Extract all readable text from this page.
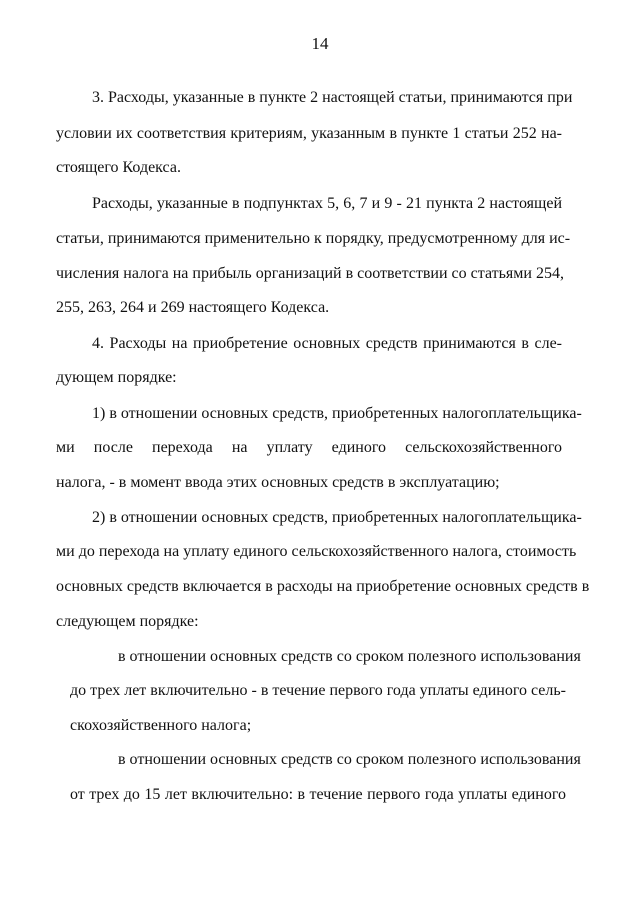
14
3. Расходы, указанные в пункте 2 настоящей статьи, принимаются при
условии их соответствия критериям, указанным в пункте 1 статьи 252 на-
стоящего Кодекса.
Расходы, указанные в подпунктах 5, 6, 7 и 9 - 21 пункта 2 настоящей
статьи, принимаются применительно к порядку, предусмотренному для ис-
числения налога на прибыль организаций в соответствии со статьями 254,
255, 263, 264 и 269 настоящего Кодекса.
4. Расходы на приобретение основных средств принимаются в сле-
дующем порядке:
1) в отношении основных средств, приобретенных налогоплательщика-
ми после перехода на уплату единого сельскохозяйственного
налога, - в момент ввода этих основных средств в эксплуатацию;
2) в отношении основных средств, приобретенных налогоплательщика-
ми до перехода на уплату единого сельскохозяйственного налога, стоимость
основных средств включается в расходы на приобретение основных средств в
следующем порядке:
в отношении основных средств со сроком полезного использования
до трех лет включительно - в течение первого года уплаты единого сель-
скохозяйственного налога;
в отношении основных средств со сроком полезного использования
от трех до 15 лет включительно: в течение первого года уплаты единого
